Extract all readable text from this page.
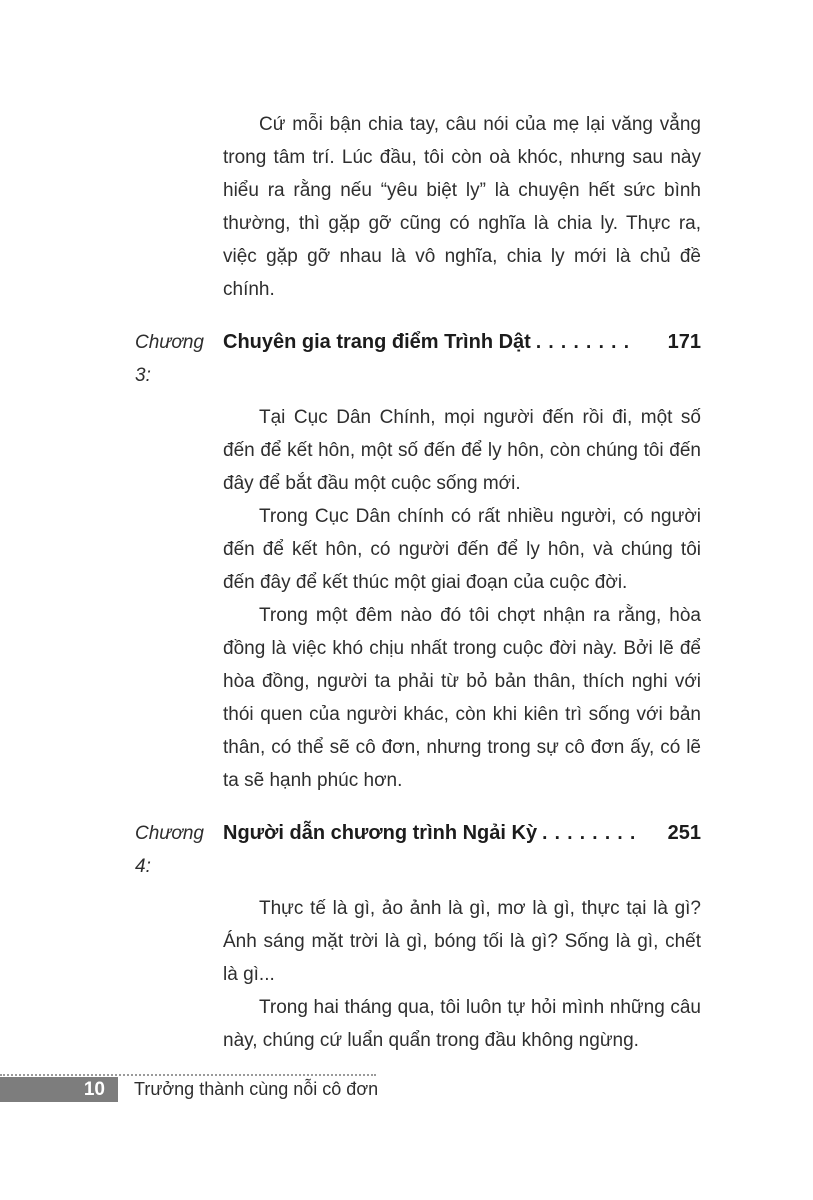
Cứ mỗi bận chia tay, câu nói của mẹ lại văng vẳng trong tâm trí. Lúc đầu, tôi còn oà khóc, nhưng sau này hiểu ra rằng nếu “yêu biệt ly” là chuyện hết sức bình thường, thì gặp gỡ cũng có nghĩa là chia ly. Thực ra, việc gặp gỡ nhau là vô nghĩa, chia ly mới là chủ đề chính.

Chương 3:
Chuyên gia trang điểm Trình Dật . . . . . . . .	171

Tại Cục Dân Chính, mọi người đến rồi đi, một số đến để kết hôn, một số đến để ly hôn, còn chúng tôi đến đây để bắt đầu một cuộc sống mới.

Trong Cục Dân chính có rất nhiều người, có người đến để kết hôn, có người đến để ly hôn, và chúng tôi đến đây để kết thúc một giai đoạn của cuộc đời.

Trong một đêm nào đó tôi chợt nhận ra rằng, hòa đồng là việc khó chịu nhất trong cuộc đời này. Bởi lẽ để hòa đồng, người ta phải từ bỏ bản thân, thích nghi với thói quen của người khác, còn khi kiên trì sống với bản thân, có thể sẽ cô đơn, nhưng trong sự cô đơn ấy, có lẽ ta sẽ hạnh phúc hơn.

Chương 4:
Người dẫn chương trình Ngải Kỳ . . . . . . . .	251

Thực tế là gì, ảo ảnh là gì, mơ là gì, thực tại là gì? Ánh sáng mặt trời là gì, bóng tối là gì? Sống là gì, chết là gì...

Trong hai tháng qua, tôi luôn tự hỏi mình những câu này, chúng cứ luẩn quẩn trong đầu không ngừng.

10	Trưởng thành cùng nỗi cô đơn
